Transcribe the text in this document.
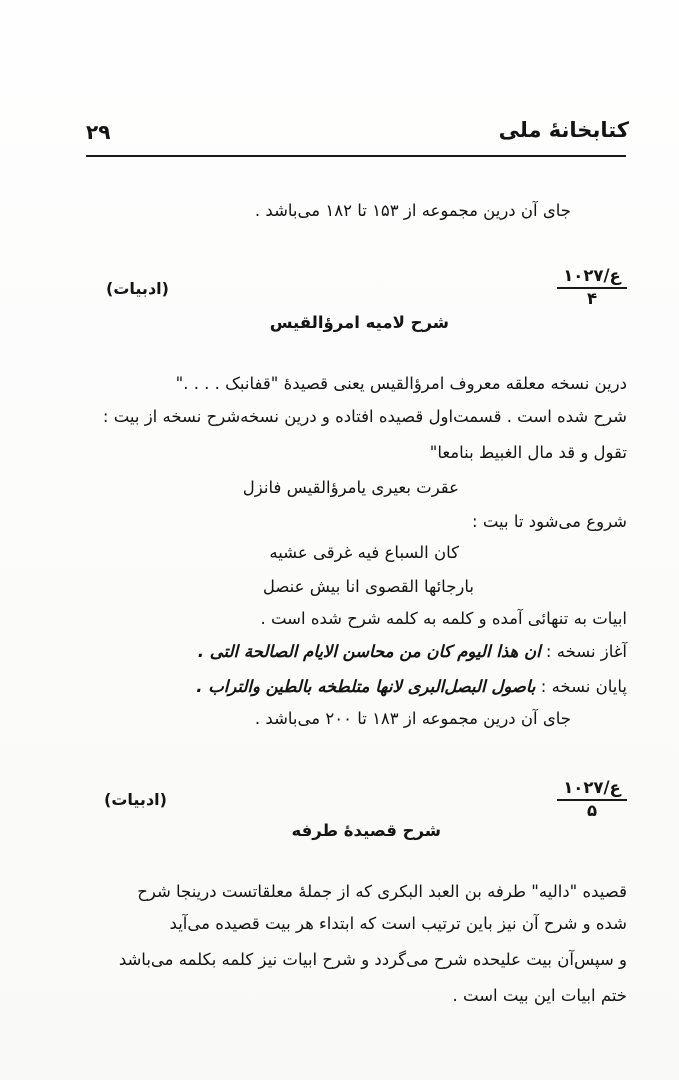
کتابخانهٔ ملی
۲۹
جای آن درین مجموعه از ۱۵۳ تا ۱۸۲ می‌باشد .
ع/۱۰۲۷
۴
(ادبیات)
شرح لامیه امرؤالقیس
درین نسخه معلقه معروف امرؤالقیس یعنی قصیدهٔ "قفانبک . . . ."
شرح شده است . قسمت‌اول قصیده افتاده و درین نسخه‌شرح نسخه از بیت :
تقول و قد مال الغبیط بنامعا"
عقرت بعیری یامرؤالقیس فانزل
شروع می‌شود تا بیت :
کان السباع فیه غرقی عشیه
بارجائها القصوی انا بیش عنصل
ابیات به تنهائی آمده و کلمه به کلمه شرح شده است .
آغاز نسخه : ان هذا الیوم کان من محاسن الایام الصالحة التی .
پایان نسخه : باصول البصل‌البری لانها متلطخه بالطین والتراب .
جای آن درین مجموعه از ۱۸۳ تا ۲۰۰ می‌باشد .
ع/۱۰۲۷
۵
(ادبیات)
شرح قصیدهٔ طرفه
قصیده "دالیه" طرفه بن العبد البکری که از جملهٔ معلقاتست درینجا شرح
شده و شرح آن نیز باین ترتیب است که ابتداء هر بیت قصیده می‌آید
و سپس‌آن بیت علیحده شرح می‌گردد و شرح ابیات نیز کلمه بکلمه می‌باشد
ختم ابیات این بیت است .
